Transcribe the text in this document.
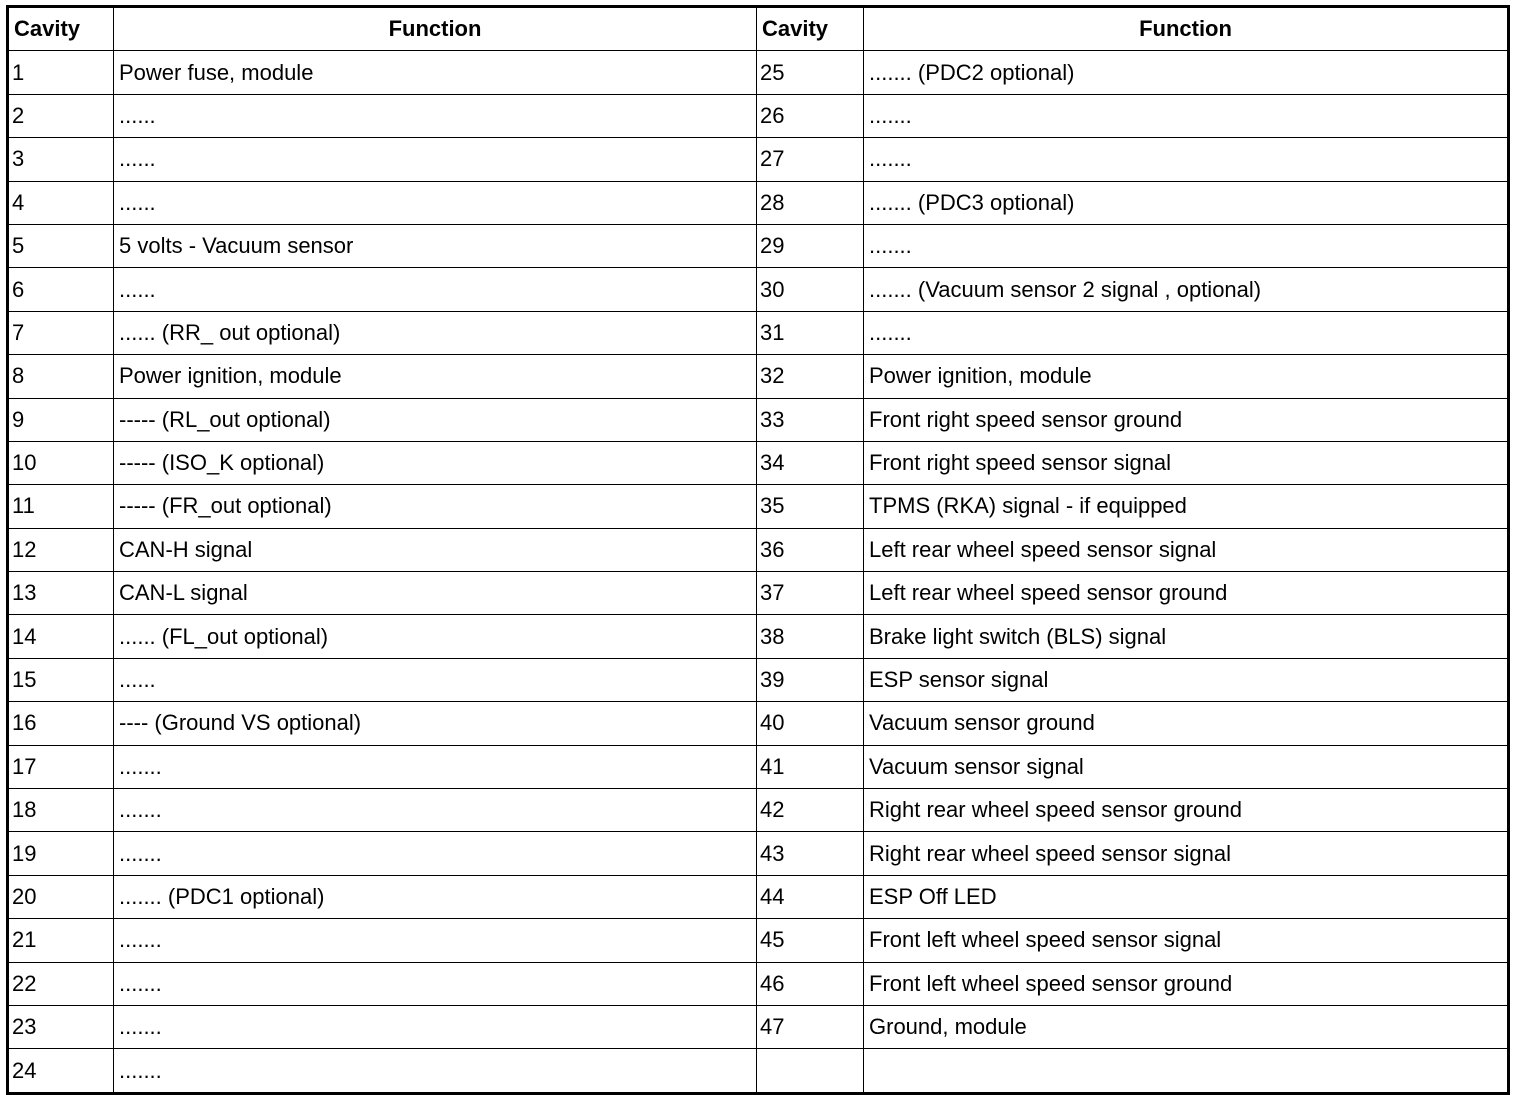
Cavity	Function	Cavity	Function
1	Power fuse, module	25	....... (PDC2 optional)
2	......	26	.......
3	......	27	.......
4	......	28	....... (PDC3 optional)
5	5 volts - Vacuum sensor	29	.......
6	......	30	....... (Vacuum sensor 2 signal , optional)
7	...... (RR_ out optional)	31	.......
8	Power ignition, module	32	Power ignition, module
9	----- (RL_out optional)	33	Front right speed sensor ground
10	----- (ISO_K optional)	34	Front right speed sensor signal
11	----- (FR_out optional)	35	TPMS (RKA) signal - if equipped
12	CAN-H signal	36	Left rear wheel speed sensor signal
13	CAN-L signal	37	Left rear wheel speed sensor ground
14	...... (FL_out optional)	38	Brake light switch (BLS) signal
15	......	39	ESP sensor signal
16	---- (Ground VS optional)	40	Vacuum sensor ground
17	.......	41	Vacuum sensor signal
18	.......	42	Right rear wheel speed sensor ground
19	.......	43	Right rear wheel speed sensor signal
20	....... (PDC1 optional)	44	ESP Off LED
21	.......	45	Front left wheel speed sensor signal
22	.......	46	Front left wheel speed sensor ground
23	.......	47	Ground, module
24	.......		
